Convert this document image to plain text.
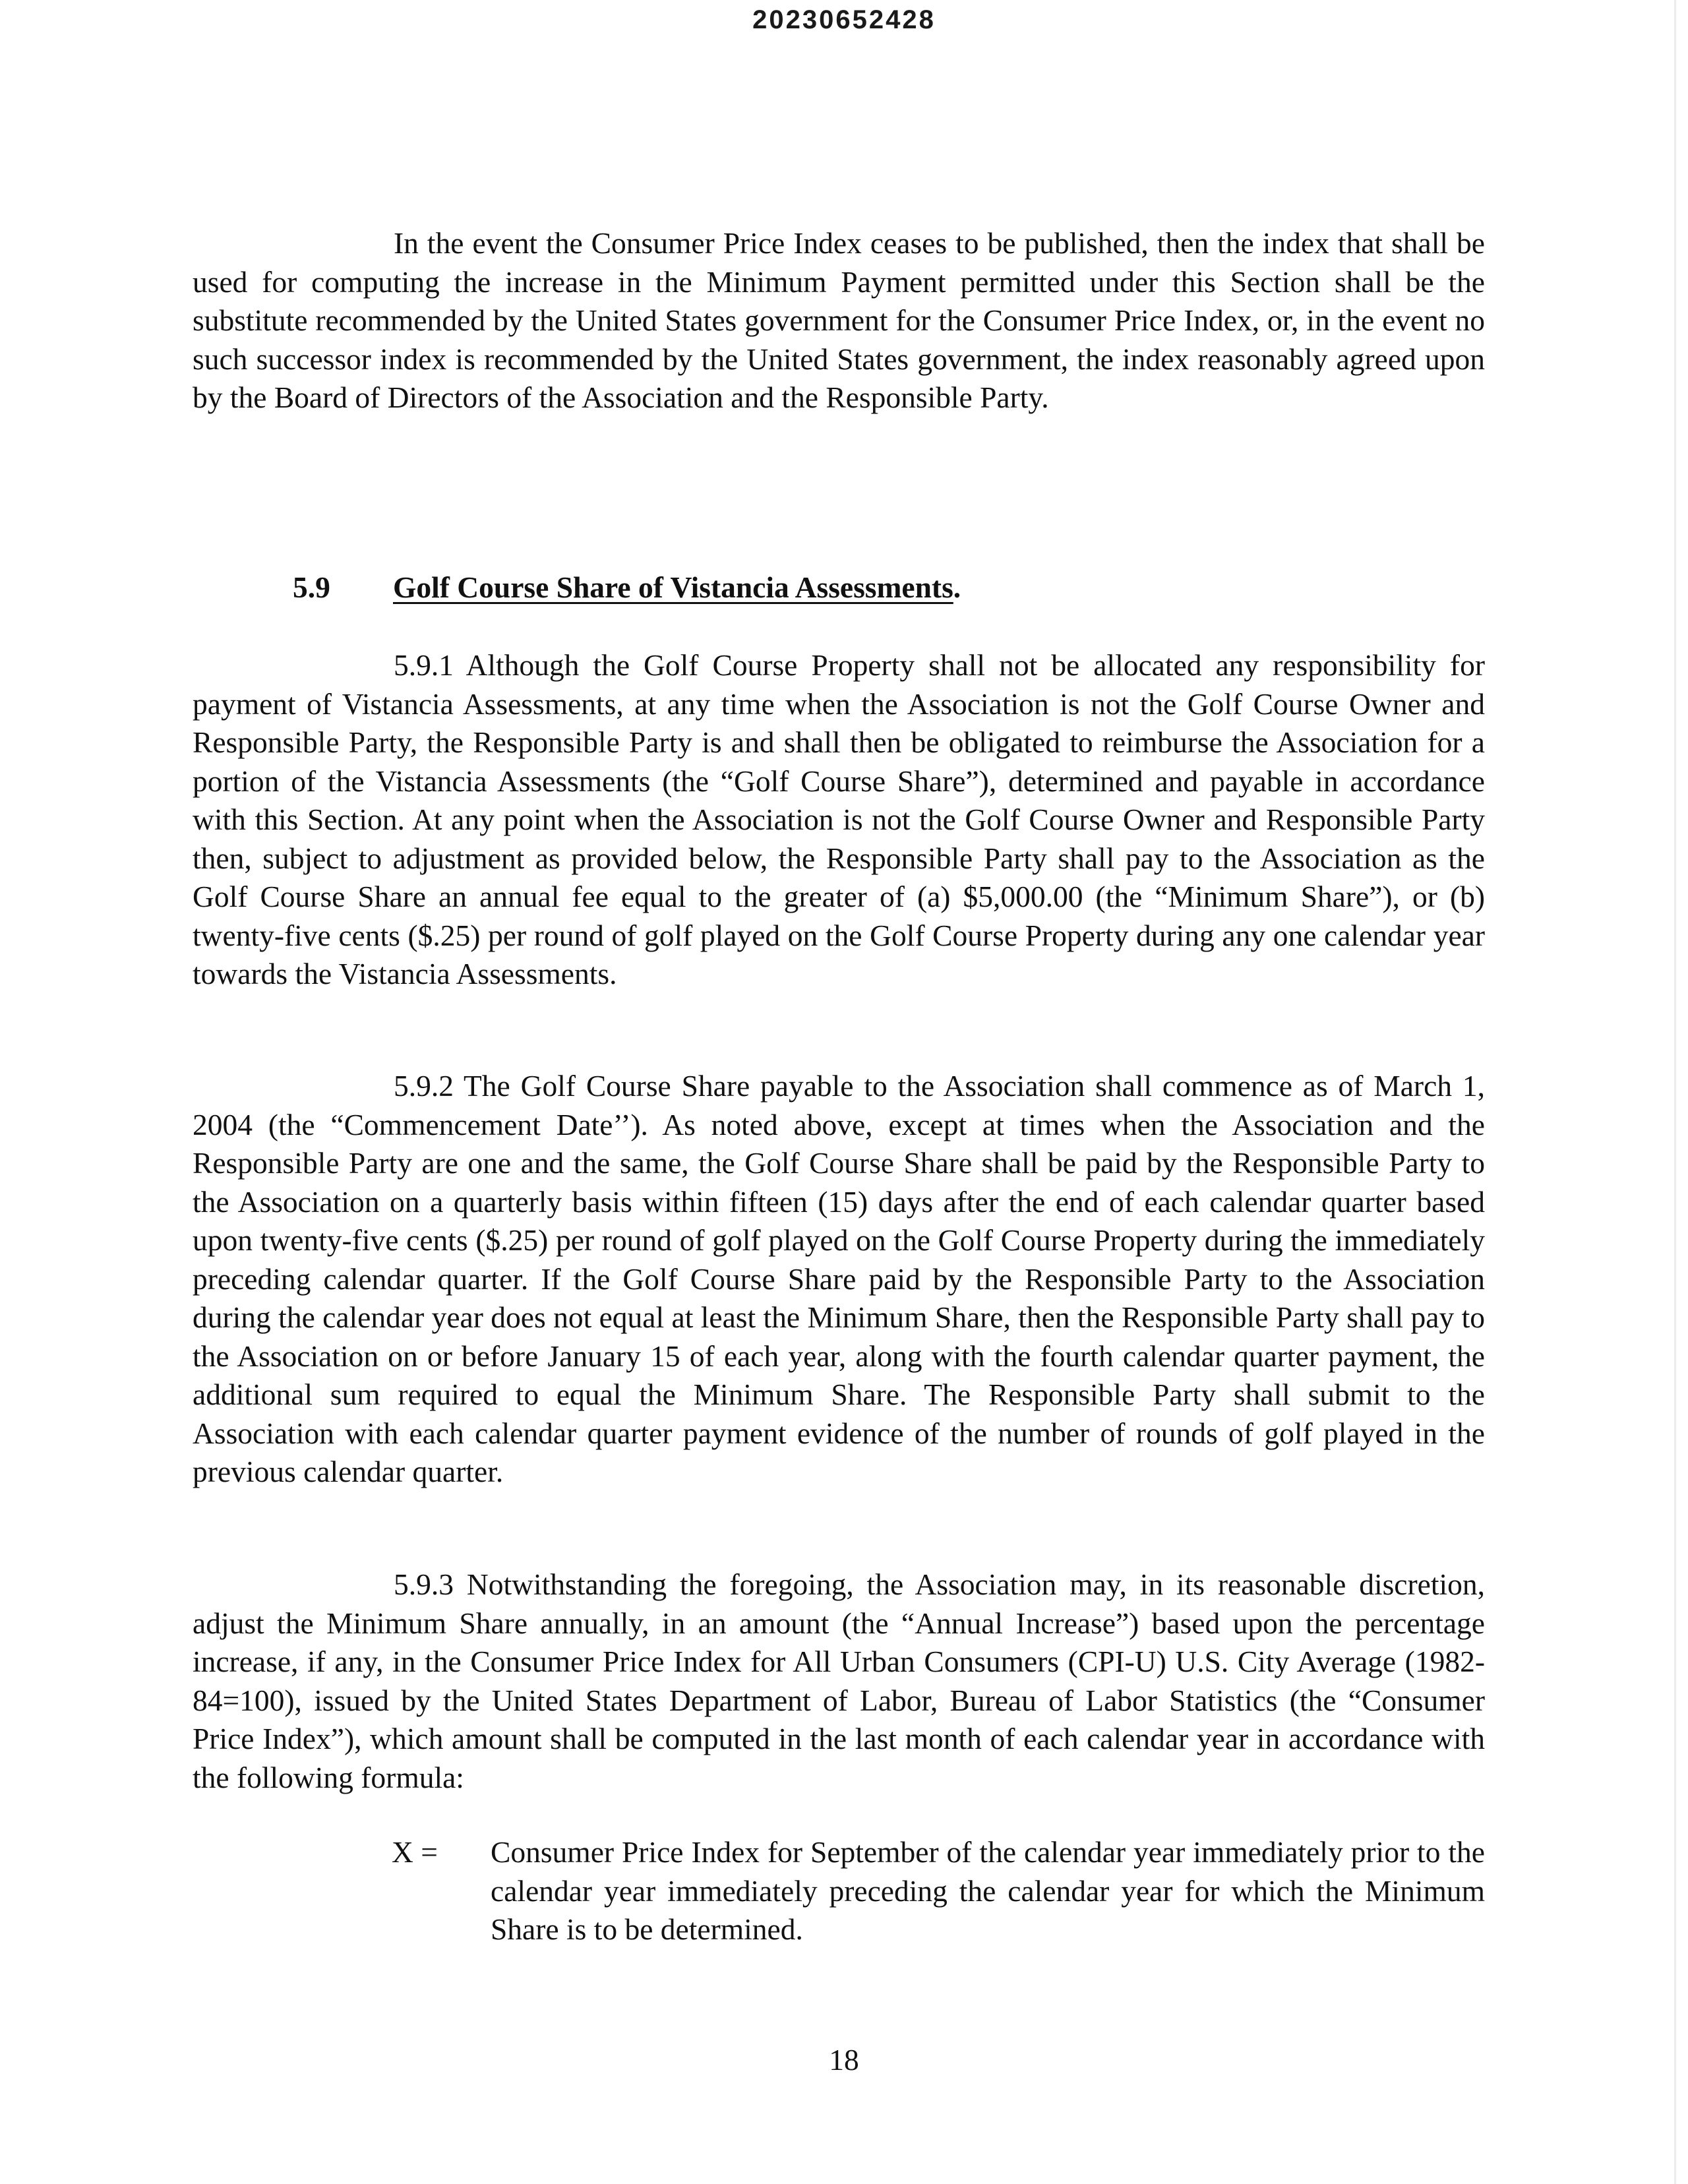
20230652428

In the event the Consumer Price Index ceases to be published, then the index that shall be used for computing the increase in the Minimum Payment permitted under this Section shall be the substitute recommended by the United States government for the Consumer Price Index, or, in the event no such successor index is recommended by the United States government, the index reasonably agreed upon by the Board of Directors of the Association and the Responsible Party.

5.9 Golf Course Share of Vistancia Assessments.

5.9.1 Although the Golf Course Property shall not be allocated any responsibility for payment of Vistancia Assessments, at any time when the Association is not the Golf Course Owner and Responsible Party, the Responsible Party is and shall then be obligated to reimburse the Association for a portion of the Vistancia Assessments (the “Golf Course Share”), determined and payable in accordance with this Section. At any point when the Association is not the Golf Course Owner and Responsible Party then, subject to adjustment as provided below, the Responsible Party shall pay to the Association as the Golf Course Share an annual fee equal to the greater of (a) $5,000.00 (the “Minimum Share”), or (b) twenty-five cents ($.25) per round of golf played on the Golf Course Property during any one calendar year towards the Vistancia Assessments.

5.9.2 The Golf Course Share payable to the Association shall commence as of March 1, 2004 (the “Commencement Date’’). As noted above, except at times when the Association and the Responsible Party are one and the same, the Golf Course Share shall be paid by the Responsible Party to the Association on a quarterly basis within fifteen (15) days after the end of each calendar quarter based upon twenty-five cents ($.25) per round of golf played on the Golf Course Property during the immediately preceding calendar quarter. If the Golf Course Share paid by the Responsible Party to the Association during the calendar year does not equal at least the Minimum Share, then the Responsible Party shall pay to the Association on or before January 15 of each year, along with the fourth calendar quarter payment, the additional sum required to equal the Minimum Share. The Responsible Party shall submit to the Association with each calendar quarter payment evidence of the number of rounds of golf played in the previous calendar quarter.

5.9.3 Notwithstanding the foregoing, the Association may, in its reasonable discretion, adjust the Minimum Share annually, in an amount (the “Annual Increase”) based upon the percentage increase, if any, in the Consumer Price Index for All Urban Consumers (CPI-U) U.S. City Average (1982-84=100), issued by the United States Department of Labor, Bureau of Labor Statistics (the “Consumer Price Index”), which amount shall be computed in the last month of each calendar year in accordance with the following formula:

X =	Consumer Price Index for September of the calendar year immediately prior to the calendar year immediately preceding the calendar year for which the Minimum Share is to be determined.

18
